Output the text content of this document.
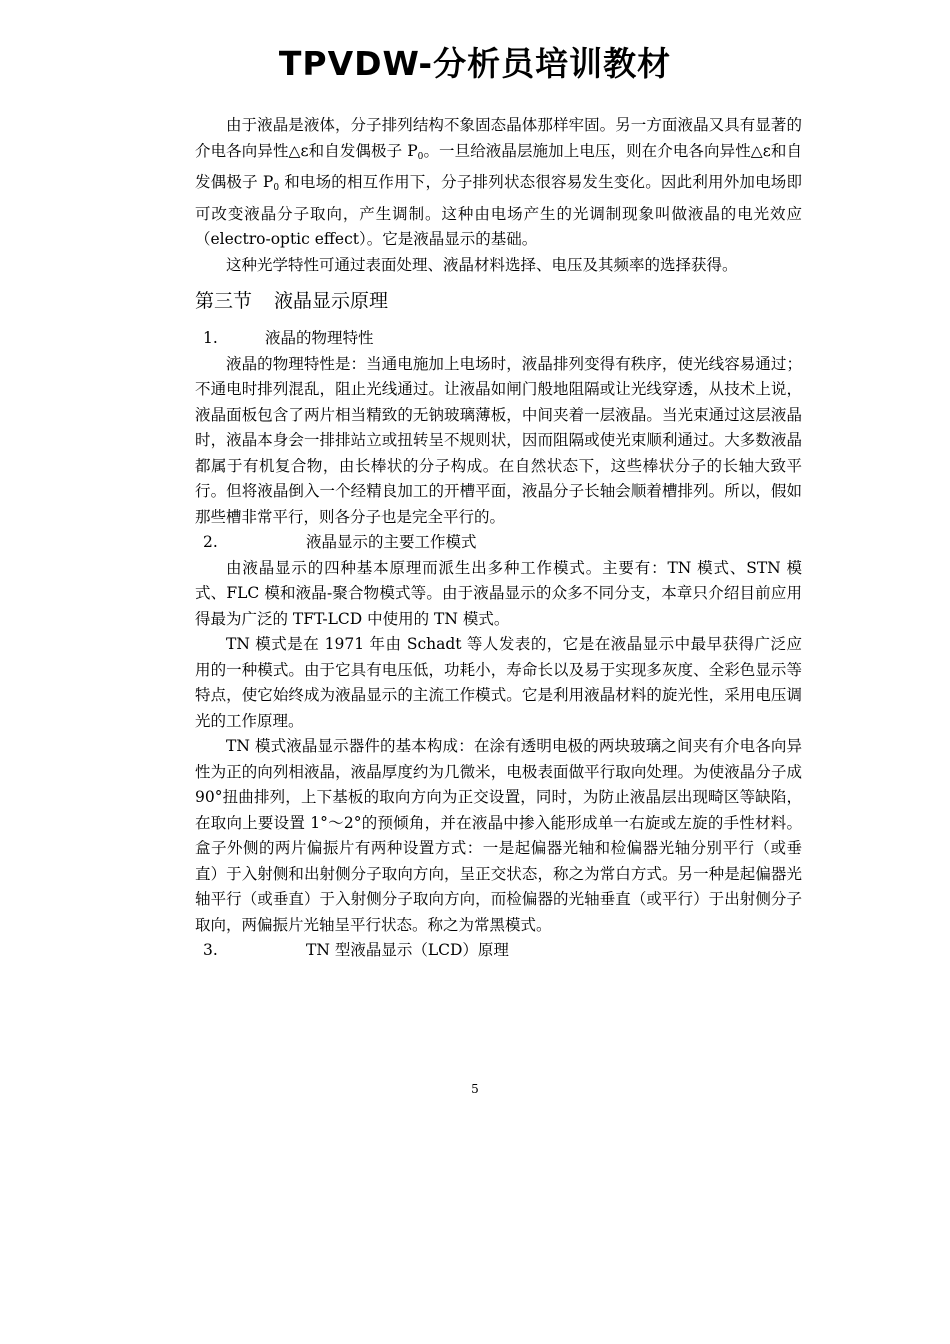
TPVDW-分析员培训教材

由于液晶是液体，分子排列结构不象固态晶体那样牢固。另一方面液晶又具有显著的介电各向异性△ε和自发偶极子 $P_0$。一旦给液晶层施加上电压，则在介电各向异性△ε和自发偶极子 $P_0$ 和电场的相互作用下，分子排列状态很容易发生变化。因此利用外加电场即可改变液晶分子取向，产生调制。这种由电场产生的光调制现象叫做液晶的电光效应（electro-optic effect）。它是液晶显示的基础。

这种光学特性可通过表面处理、液晶材料选择、电压及其频率的选择获得。

第三节 液晶显示原理

1.	液晶的物理特性

液晶的物理特性是：当通电施加上电场时，液晶排列变得有秩序，使光线容易通过；不通电时排列混乱，阻止光线通过。让液晶如闸门般地阻隔或让光线穿透，从技术上说，液晶面板包含了两片相当精致的无钠玻璃薄板，中间夹着一层液晶。当光束通过这层液晶时，液晶本身会一排排站立或扭转呈不规则状，因而阻隔或使光束顺利通过。大多数液晶都属于有机复合物，由长棒状的分子构成。在自然状态下，这些棒状分子的长轴大致平行。但将液晶倒入一个经精良加工的开槽平面，液晶分子长轴会顺着槽排列。所以，假如那些槽非常平行，则各分子也是完全平行的。

2.	液晶显示的主要工作模式

由液晶显示的四种基本原理而派生出多种工作模式。主要有：TN 模式、STN 模式、FLC 模和液晶-聚合物模式等。由于液晶显示的众多不同分支，本章只介绍目前应用得最为广泛的 TFT-LCD 中使用的 TN 模式。

TN 模式是在 1971 年由 Schadt 等人发表的，它是在液晶显示中最早获得广泛应用的一种模式。由于它具有电压低，功耗小，寿命长以及易于实现多灰度、全彩色显示等特点，使它始终成为液晶显示的主流工作模式。它是利用液晶材料的旋光性，采用电压调光的工作原理。

TN 模式液晶显示器件的基本构成：在涂有透明电极的两块玻璃之间夹有介电各向异性为正的向列相液晶，液晶厚度约为几微米，电极表面做平行取向处理。为使液晶分子成 90°扭曲排列，上下基板的取向方向为正交设置，同时，为防止液晶层出现畸区等缺陷，在取向上要设置 1°～2°的预倾角，并在液晶中掺入能形成单一右旋或左旋的手性材料。盒子外侧的两片偏振片有两种设置方式：一是起偏器光轴和检偏器光轴分别平行（或垂直）于入射侧和出射侧分子取向方向，呈正交状态，称之为常白方式。另一种是起偏器光轴平行（或垂直）于入射侧分子取向方向，而检偏器的光轴垂直（或平行）于出射侧分子取向，两偏振片光轴呈平行状态。称之为常黑模式。

3.	TN 型液晶显示（LCD）原理

5
